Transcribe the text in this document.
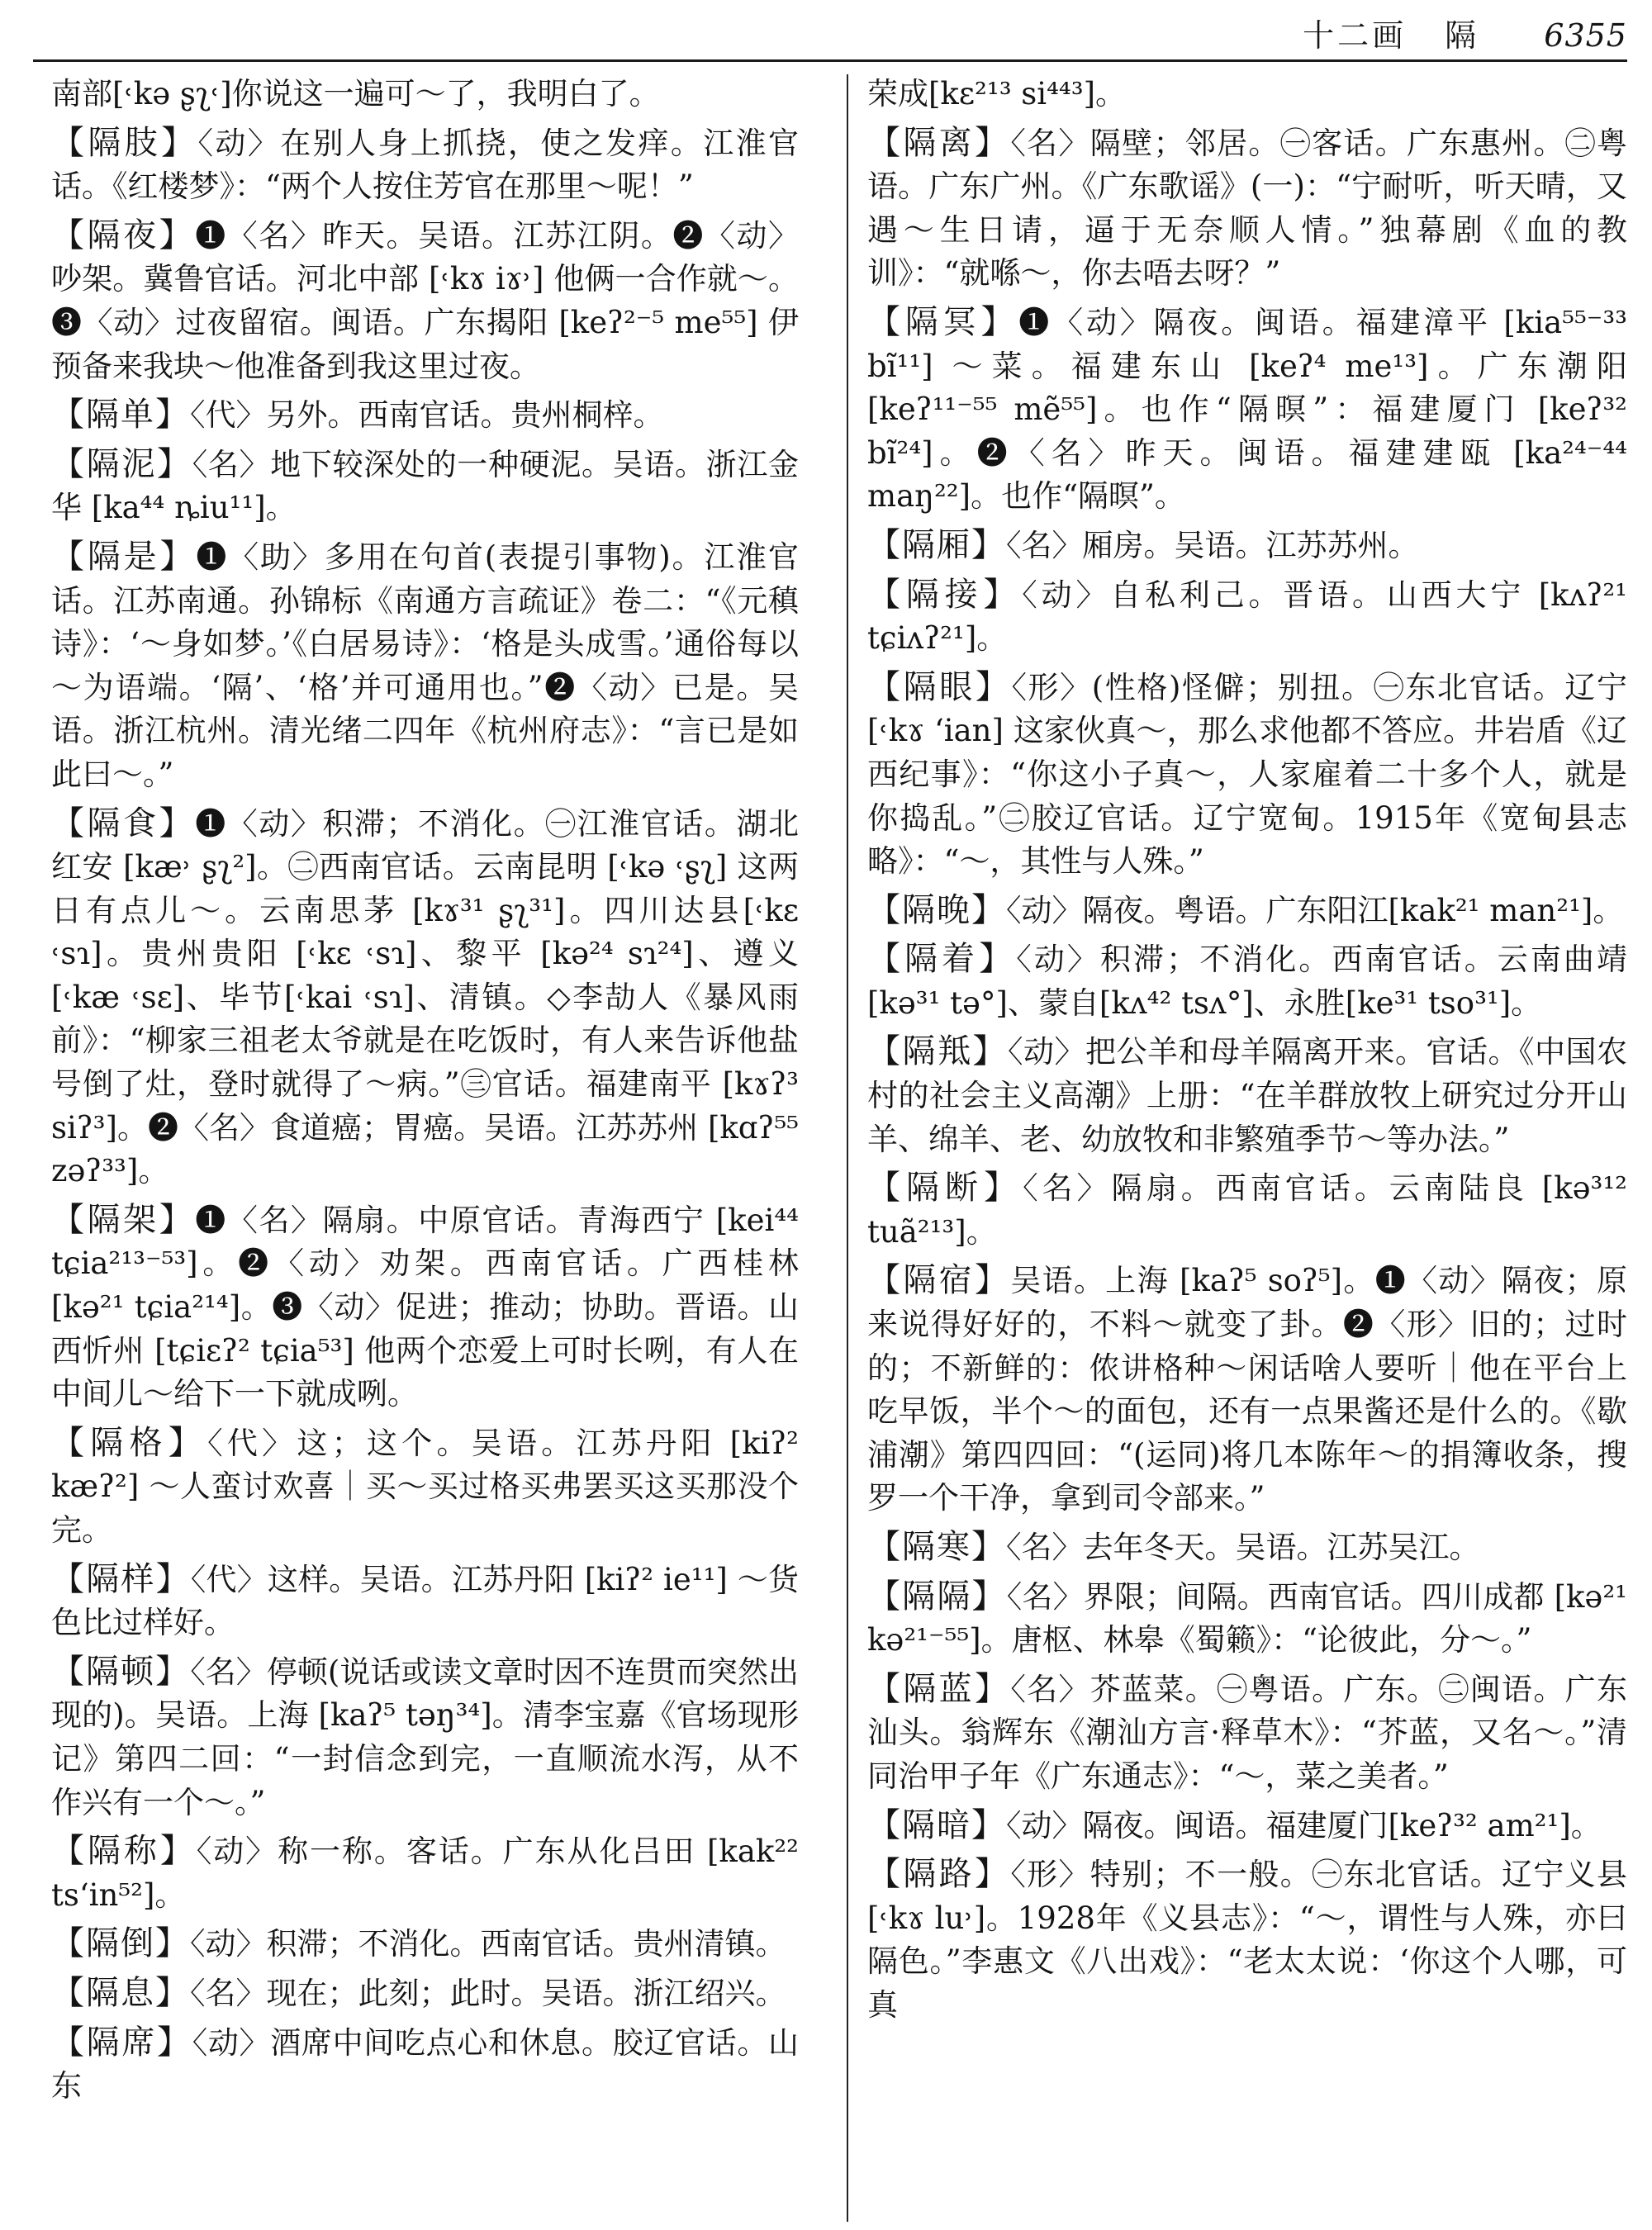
十二画 隔 6355

南部[˓kə ʂʅ˓]你说这一遍可～了，我明白了。

【隔肢】〈动〉在别人身上抓挠，使之发痒。江淮官话。《红楼梦》：“两个人按住芳官在那里～呢！”

【隔夜】❶〈名〉昨天。吴语。江苏江阴。❷〈动〉吵架。冀鲁官话。河北中部 [˓kɤ iɤ˒] 他俩一合作就～。❸〈动〉过夜留宿。闽语。广东揭阳 [keʔ²⁻⁵ me⁵⁵] 伊预备来我块～他准备到我这里过夜。

【隔单】〈代〉另外。西南官话。贵州桐梓。

【隔泥】〈名〉地下较深处的一种硬泥。吴语。浙江金华 [ka⁴⁴ ȵiu¹¹]。

【隔是】❶〈助〉多用在句首(表提引事物)。江淮官话。江苏南通。孙锦标《南通方言疏证》卷二：“《元稹诗》：‘～身如梦。’《白居易诗》：‘格是头成雪。’通俗每以～为语端。‘隔’、‘格’并可通用也。”❷〈动〉已是。吴语。浙江杭州。清光绪二四年《杭州府志》：“言已是如此曰～。”

【隔食】❶〈动〉积滞；不消化。㊀江淮官话。湖北红安 [kæ˒ ʂʅ²]。㊁西南官话。云南昆明 [˓kə ˓ʂʅ] 这两日有点儿～。云南思茅 [kɤ³¹ ʂʅ³¹]。四川达县[˓kɛ ˓sɿ]。贵州贵阳 [˓kɛ ˓sɿ]、黎平 [kə²⁴ sɿ²⁴]、遵义 [˓kæ ˓sɛ]、毕节[˓kai ˓sɿ]、清镇。◇李劼人《暴风雨前》：“柳家三祖老太爷就是在吃饭时，有人来告诉他盐号倒了灶，登时就得了～病。”㊂官话。福建南平 [kɤʔ³ siʔ³]。❷〈名〉食道癌；胃癌。吴语。江苏苏州 [kɑʔ⁵⁵ zəʔ³³]。

【隔架】❶〈名〉隔扇。中原官话。青海西宁 [kei⁴⁴ tɕia²¹³⁻⁵³]。❷〈动〉劝架。西南官话。广西桂林 [kə²¹ tɕia²¹⁴]。❸〈动〉促进；推动；协助。晋语。山西忻州 [tɕiɛʔ² tɕia⁵³] 他两个恋爱上可时长咧，有人在中间儿～给下一下就成咧。

【隔格】〈代〉这；这个。吴语。江苏丹阳 [kiʔ² kæʔ²] ～人蛮讨欢喜｜买～买过格买弗罢买这买那没个完。

【隔样】〈代〉这样。吴语。江苏丹阳 [kiʔ² ie¹¹] ～货色比过样好。

【隔顿】〈名〉停顿(说话或读文章时因不连贯而突然出现的)。吴语。上海 [kaʔ⁵ təŋ³⁴]。清李宝嘉《官场现形记》第四二回：“一封信念到完，一直顺流水泻，从不作兴有一个～。”

【隔称】〈动〉称一称。客话。广东从化吕田 [kak²² ts‘in⁵²]。

【隔倒】〈动〉积滞；不消化。西南官话。贵州清镇。

【隔息】〈名〉现在；此刻；此时。吴语。浙江绍兴。

【隔席】〈动〉酒席中间吃点心和休息。胶辽官话。山东

荣成[kɛ²¹³ si⁴⁴³]。

【隔离】〈名〉隔壁；邻居。㊀客话。广东惠州。㊁粤语。广东广州。《广东歌谣》(一)：“宁耐听，听天晴，又遇～生日请，逼于无奈顺人情。”独幕剧《血的教训》：“就喺～，你去唔去呀？”

【隔冥】❶〈动〉隔夜。闽语。福建漳平 [kia⁵⁵⁻³³ bĩ¹¹] ～菜。福建东山 [keʔ⁴ me¹³]。广东潮阳 [keʔ¹¹⁻⁵⁵ mẽ⁵⁵]。也作“隔暝”：福建厦门 [keʔ³² bĩ²⁴]。❷〈名〉昨天。闽语。福建建瓯 [ka²⁴⁻⁴⁴ maŋ²²]。也作“隔暝”。

【隔厢】〈名〉厢房。吴语。江苏苏州。

【隔接】〈动〉自私利己。晋语。山西大宁 [kʌʔ²¹ tɕiʌʔ²¹]。

【隔眼】〈形〉(性格)怪僻；别扭。㊀东北官话。辽宁 [˓kɤ ‘ian] 这家伙真～，那么求他都不答应。井岩盾《辽西纪事》：“你这小子真～，人家雇着二十多个人，就是你捣乱。”㊁胶辽官话。辽宁宽甸。1915年《宽甸县志略》：“～，其性与人殊。”

【隔晚】〈动〉隔夜。粤语。广东阳江[kak²¹ man²¹]。

【隔着】〈动〉积滞；不消化。西南官话。云南曲靖 [kə³¹ tə°]、蒙自[kʌ⁴² tsʌ°]、永胜[ke³¹ tso³¹]。

【隔羝】〈动〉把公羊和母羊隔离开来。官话。《中国农村的社会主义高潮》上册：“在羊群放牧上研究过分开山羊、绵羊、老、幼放牧和非繁殖季节～等办法。”

【隔断】〈名〉隔扇。西南官话。云南陆良 [kə³¹² tuã²¹³]。

【隔宿】吴语。上海 [kaʔ⁵ soʔ⁵]。❶〈动〉隔夜；原来说得好好的，不料～就变了卦。❷〈形〉旧的；过时的；不新鲜的：侬讲格种～闲话啥人要听｜他在平台上吃早饭，半个～的面包，还有一点果酱还是什么的。《歇浦潮》第四四回：“(运同)将几本陈年～的捐簿收条，搜罗一个干净，拿到司令部来。”

【隔寒】〈名〉去年冬天。吴语。江苏吴江。

【隔隔】〈名〉界限；间隔。西南官话。四川成都 [kə²¹ kə²¹⁻⁵⁵]。唐枢、林皋《蜀籁》：“论彼此，分～。”

【隔蓝】〈名〉芥蓝菜。㊀粤语。广东。㊁闽语。广东汕头。翁辉东《潮汕方言·释草木》：“芥蓝，又名～。”清同治甲子年《广东通志》：“～，菜之美者。”

【隔暗】〈动〉隔夜。闽语。福建厦门[keʔ³² am²¹]。

【隔路】〈形〉特别；不一般。㊀东北官话。辽宁义县 [˓kɤ lu˒]。1928年《义县志》：“～，谓性与人殊，亦曰隔色。”李惠文《八出戏》：“老太太说：‘你这个人哪，可真
